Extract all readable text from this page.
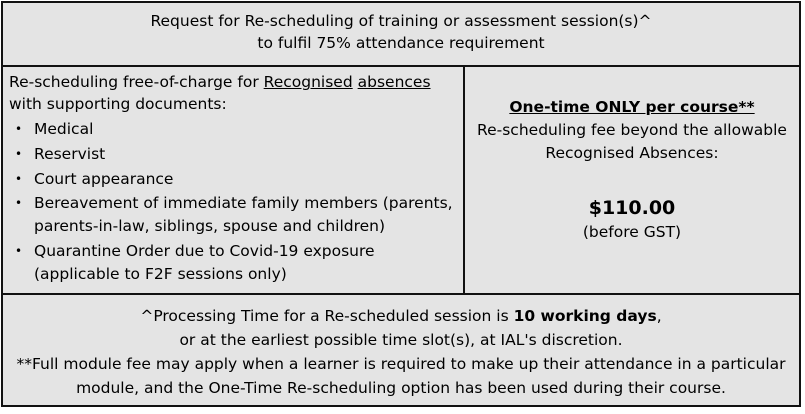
Request for Re-scheduling of training or assessment session(s)^
to fulfil 75% attendance requirement
Re-scheduling free-of-charge for Recognised absences
with supporting documents:
• Medical
• Reservist
• Court appearance
• Bereavement of immediate family members (parents,
parents-in-law, siblings, spouse and children)
• Quarantine Order due to Covid-19 exposure
(applicable to F2F sessions only)
One-time ONLY per course**
Re-scheduling fee beyond the allowable
Recognised Absences:
$110.00
(before GST)
^Processing Time for a Re-scheduled session is 10 working days,
or at the earliest possible time slot(s), at IAL's discretion.
**Full module fee may apply when a learner is required to make up their attendance in a particular
module, and the One-Time Re-scheduling option has been used during their course.
